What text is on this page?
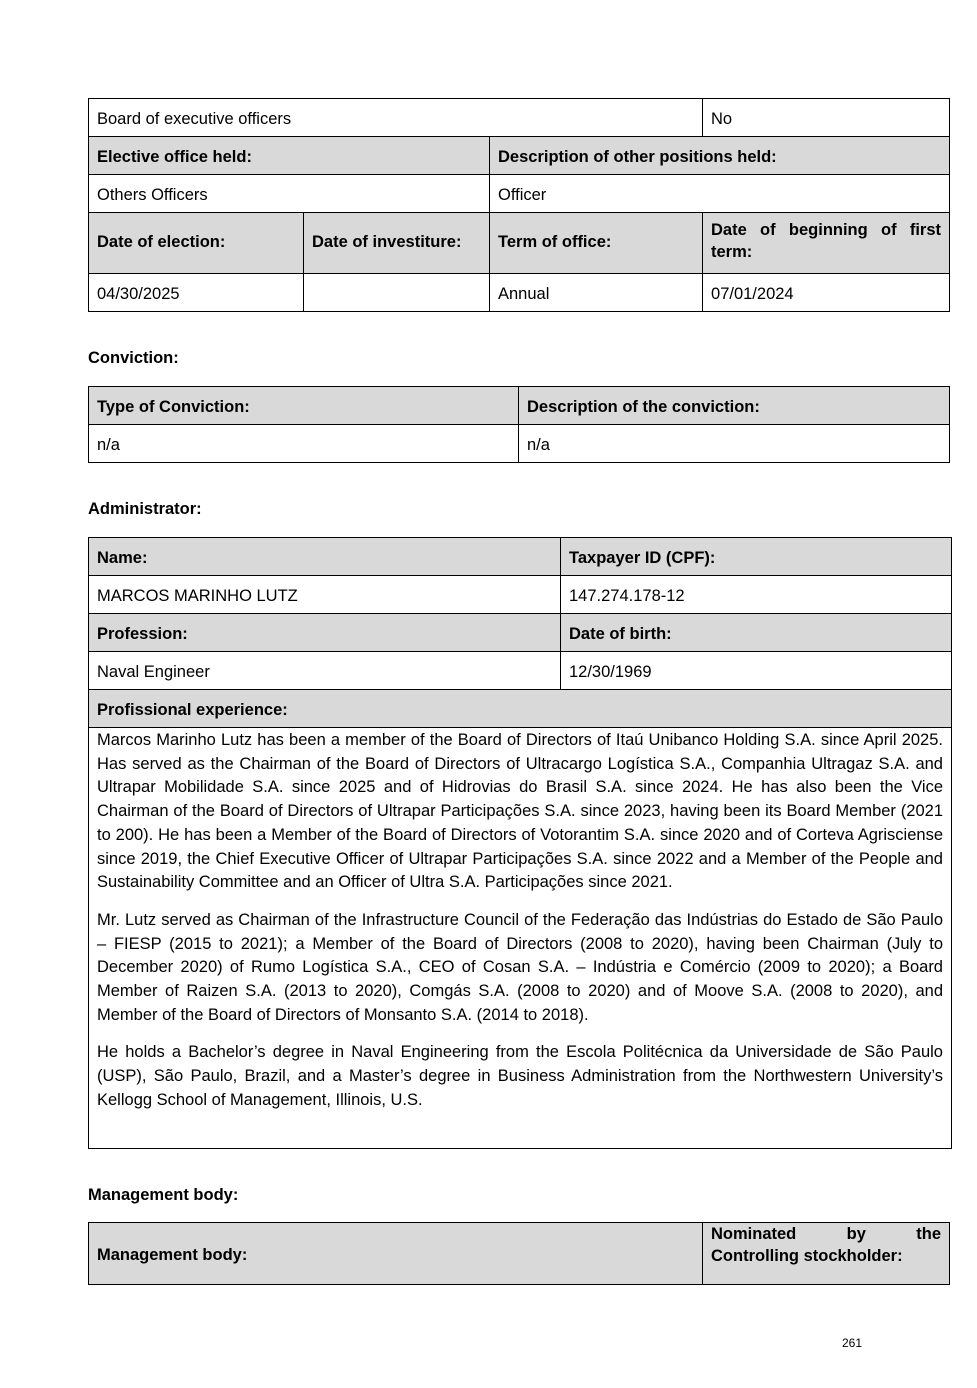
Board of executive officers			No
Elective office held:		Description of other positions held:	
Others Officers		Officer	
Date of election:	Date of investiture:	Term of office:	Date of beginning of first term:
04/30/2025		Annual	07/01/2024
Conviction:
Type of Conviction:	Description of the conviction:
n/a	n/a
Administrator:
Name:	Taxpayer ID (CPF):
MARCOS MARINHO LUTZ	147.274.178-12
Profession:	Date of birth:
Naval Engineer	12/30/1969
Profissional experience:	

Marcos Marinho Lutz has been a member of the Board of Directors of Itaú Unibanco Holding S.A. since April 2025. Has served as the Chairman of the Board of Directors of Ultracargo Logística S.A., Companhia Ultragaz S.A. and Ultrapar Mobilidade S.A. since 2025 and of Hidrovias do Brasil S.A. since 2024. He has also been the Vice Chairman of the Board of Directors of Ultrapar Participações S.A. since 2023, having been its Board Member (2021 to 200). He has been a Member of the Board of Directors of Votorantim S.A. since 2020 and of Corteva Agrisciense since 2019, the Chief Executive Officer of Ultrapar Participações S.A. since 2022 and a Member of the People and Sustainability Committee and an Officer of Ultra S.A. Participações since 2021.

Mr. Lutz served as Chairman of the Infrastructure Council of the Federação das Indústrias do Estado de São Paulo – FIESP (2015 to 2021); a Member of the Board of Directors (2008 to 2020), having been Chairman (July to December 2020) of Rumo Logística S.A., CEO of Cosan S.A. – Indústria e Comércio (2009 to 2020); a Board Member of Raizen S.A. (2013 to 2020), Comgás S.A. (2008 to 2020) and of Moove S.A. (2008 to 2020), and Member of the Board of Directors of Monsanto S.A. (2014 to 2018).

He holds a Bachelor’s degree in Naval Engineering from the Escola Politécnica da Universidade de São Paulo (USP), São Paulo, Brazil, and a Master’s degree in Business Administration from the Northwestern University’s Kellogg School of Management, Illinois, U.S.	

Management body:
Management body:	Nominated by the Controlling stockholder:
261
